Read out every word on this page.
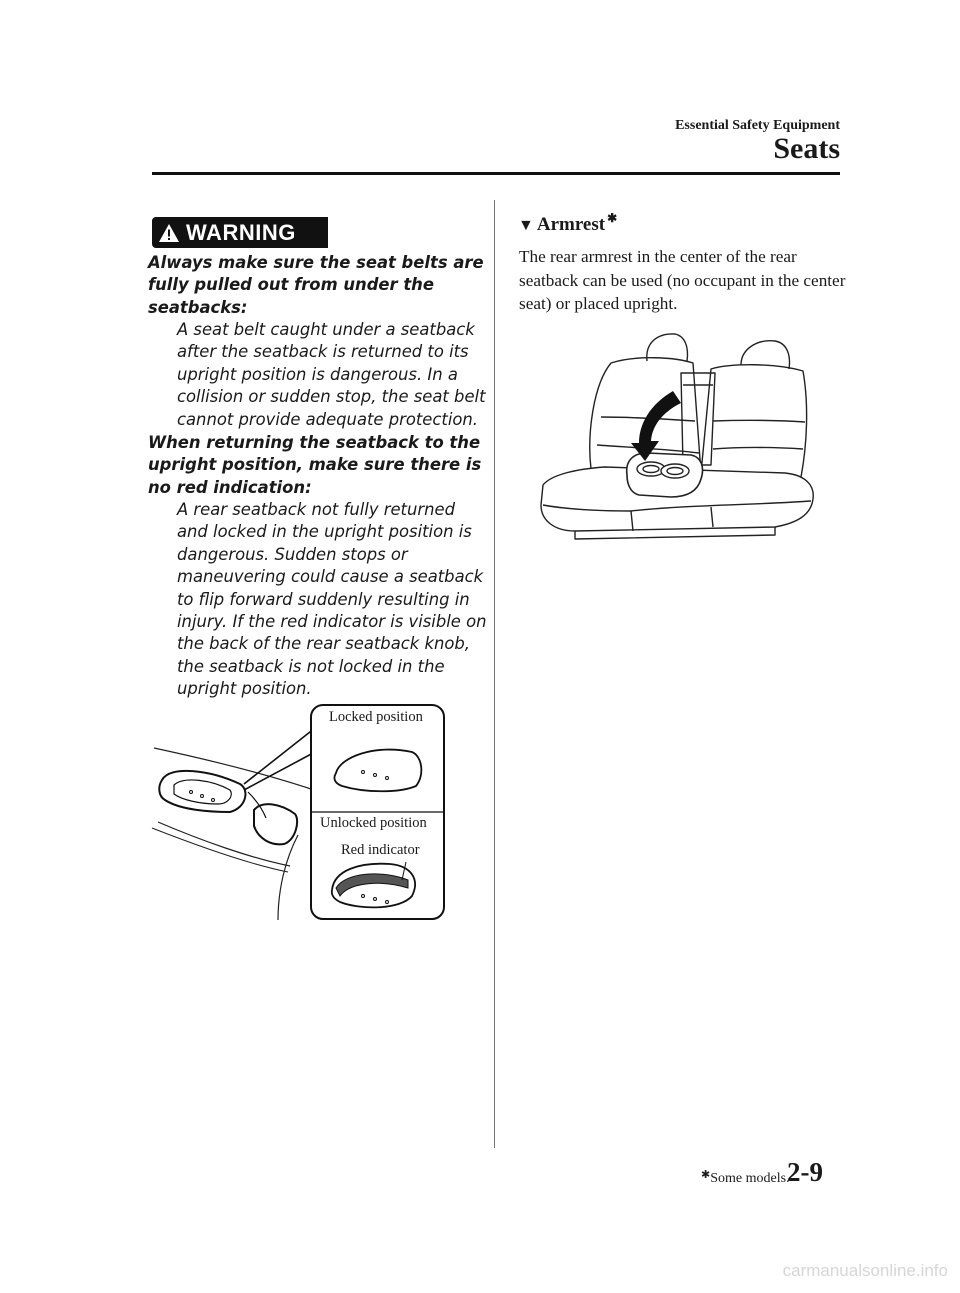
Essential Safety Equipment
Seats
WARNING
Always make sure the seat belts are fully pulled out from under the seatbacks:
A seat belt caught under a seatback after the seatback is returned to its upright position is dangerous. In a collision or sudden stop, the seat belt cannot provide adequate protection.
When returning the seatback to the upright position, make sure there is no red indication:
A rear seatback not fully returned and locked in the upright position is dangerous. Sudden stops or maneuvering could cause a seatback to flip forward suddenly resulting in injury. If the red indicator is visible on the back of the rear seatback knob, the seatback is not locked in the upright position.
Locked position
Unlocked position
Red indicator
▼ Armrest ✱
The rear armrest in the center of the rear seatback can be used (no occupant in the center seat) or placed upright.
✱Some models.
2-9
carmanualsonline.info
